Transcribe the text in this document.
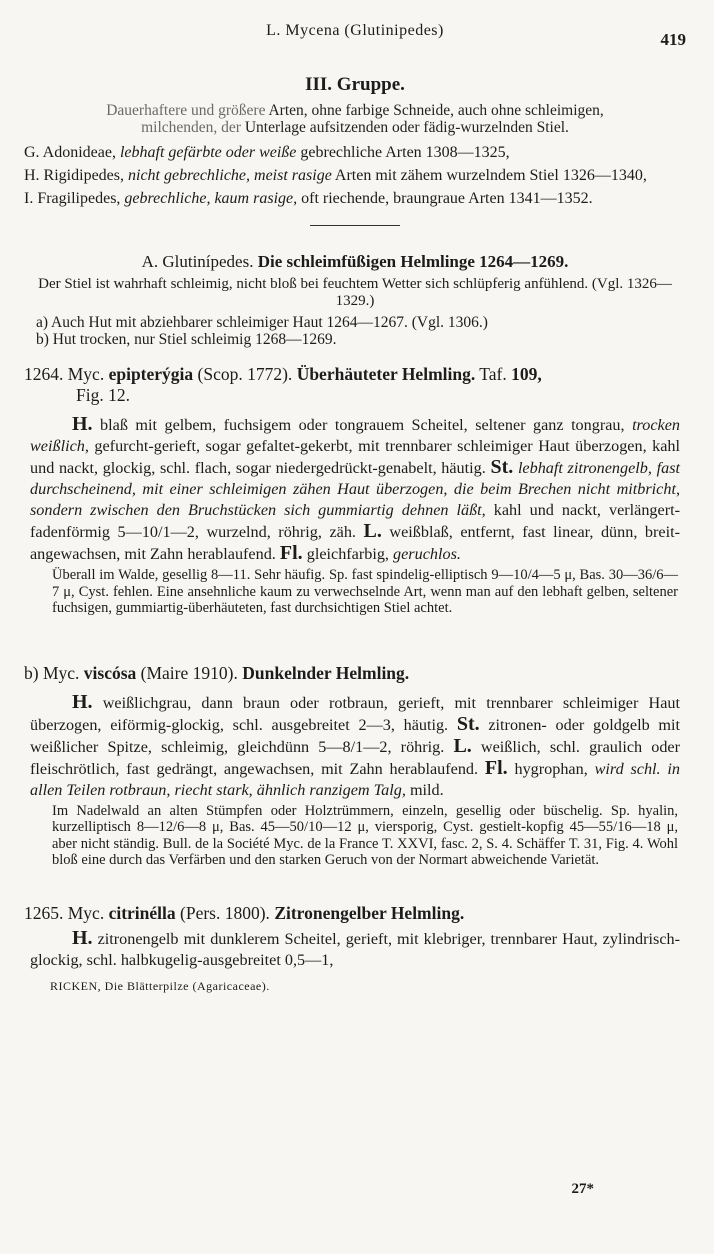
L. Mycena (Glutinipedes)	419
III. Gruppe.

Dauerhaftere und größere Arten, ohne farbige Schneide, auch ohne schleimigen,
milchenden, der Unterlage aufsitzenden oder fädig-wurzelnden Stiel.

G. Adonideae, lebhaft gefärbte oder weiße gebrechliche Arten 1308—1325,

H. Rigidipedes, nicht gebrechliche, meist rasige Arten mit zähem wurzelndem Stiel 1326—1340,

I. Fragilipedes, gebrechliche, kaum rasige, oft riechende, braungraue Arten 1341—1352.

A. Glutinípedes. Die schleimfüßigen Helmlinge 1264—1269.

Der Stiel ist wahrhaft schleimig, nicht bloß bei feuchtem Wetter sich schlüpferig anfühlend. (Vgl. 1326—1329.)

a) Auch Hut mit abziehbarer schleimiger Haut 1264—1267. (Vgl. 1306.)
b) Hut trocken, nur Stiel schleimig 1268—1269.
1264. Myc. epipterýgia (Scop. 1772). Überhäuteter Helmling. Taf. 109,
Fig. 12.

H. blaß mit gelbem, fuchsigem oder tongrauem Scheitel, seltener ganz tongrau, trocken weißlich, gefurcht-gerieft, sogar gefaltet-gekerbt, mit trennbarer schleimiger Haut überzogen, kahl und nackt, glockig, schl. flach, sogar niedergedrückt-genabelt, häutig. St. lebhaft zitronengelb, fast durchscheinend, mit einer schleimigen zähen Haut überzogen, die beim Brechen nicht mitbricht, sondern zwischen den Bruchstücken sich gummiartig dehnen läßt, kahl und nackt, verlängert-fadenförmig 5—10/1—2, wurzelnd, röhrig, zäh. L. weißblaß, entfernt, fast linear, dünn, breit-angewachsen, mit Zahn herablaufend. Fl. gleichfarbig, geruchlos.

Überall im Walde, gesellig 8—11. Sehr häufig. Sp. fast spindelig-elliptisch 9—10/4—5 μ, Bas. 30—36/6—7 μ, Cyst. fehlen. Eine ansehnliche kaum zu verwechselnde Art, wenn man auf den lebhaft gelben, seltener fuchsigen, gummiartig-überhäuteten, fast durchsichtigen Stiel achtet.

b) Myc. viscósa (Maire 1910). Dunkelnder Helmling.

H. weißlichgrau, dann braun oder rotbraun, gerieft, mit trennbarer schleimiger Haut überzogen, eiförmig-glockig, schl. ausgebreitet 2—3, häutig. St. zitronen- oder goldgelb mit weißlicher Spitze, schleimig, gleichdünn 5—8/1—2, röhrig. L. weißlich, schl. graulich oder fleischrötlich, fast gedrängt, angewachsen, mit Zahn herablaufend. Fl. hygrophan, wird schl. in allen Teilen rotbraun, riecht stark, ähnlich ranzigem Talg, mild.

Im Nadelwald an alten Stümpfen oder Holztrümmern, einzeln, gesellig oder büschelig. Sp. hyalin, kurzelliptisch 8—12/6—8 μ, Bas. 45—50/10—12 μ, viersporig, Cyst. gestielt-kopfig 45—55/16—18 μ, aber nicht ständig. Bull. de la Société Myc. de la France T. XXVI, fasc. 2, S. 4. Schäffer T. 31, Fig. 4. Wohl bloß eine durch das Verfärben und den starken Geruch von der Normart abweichende Varietät.

1265. Myc. citrinélla (Pers. 1800). Zitronengelber Helmling.

H. zitronengelb mit dunklerem Scheitel, gerieft, mit klebriger, trennbarer Haut, zylindrisch-glockig, schl. halbkugelig-ausgebreitet 0,5—1,

RICKEN, Die Blätterpilze (Agaricaceae).
27*
